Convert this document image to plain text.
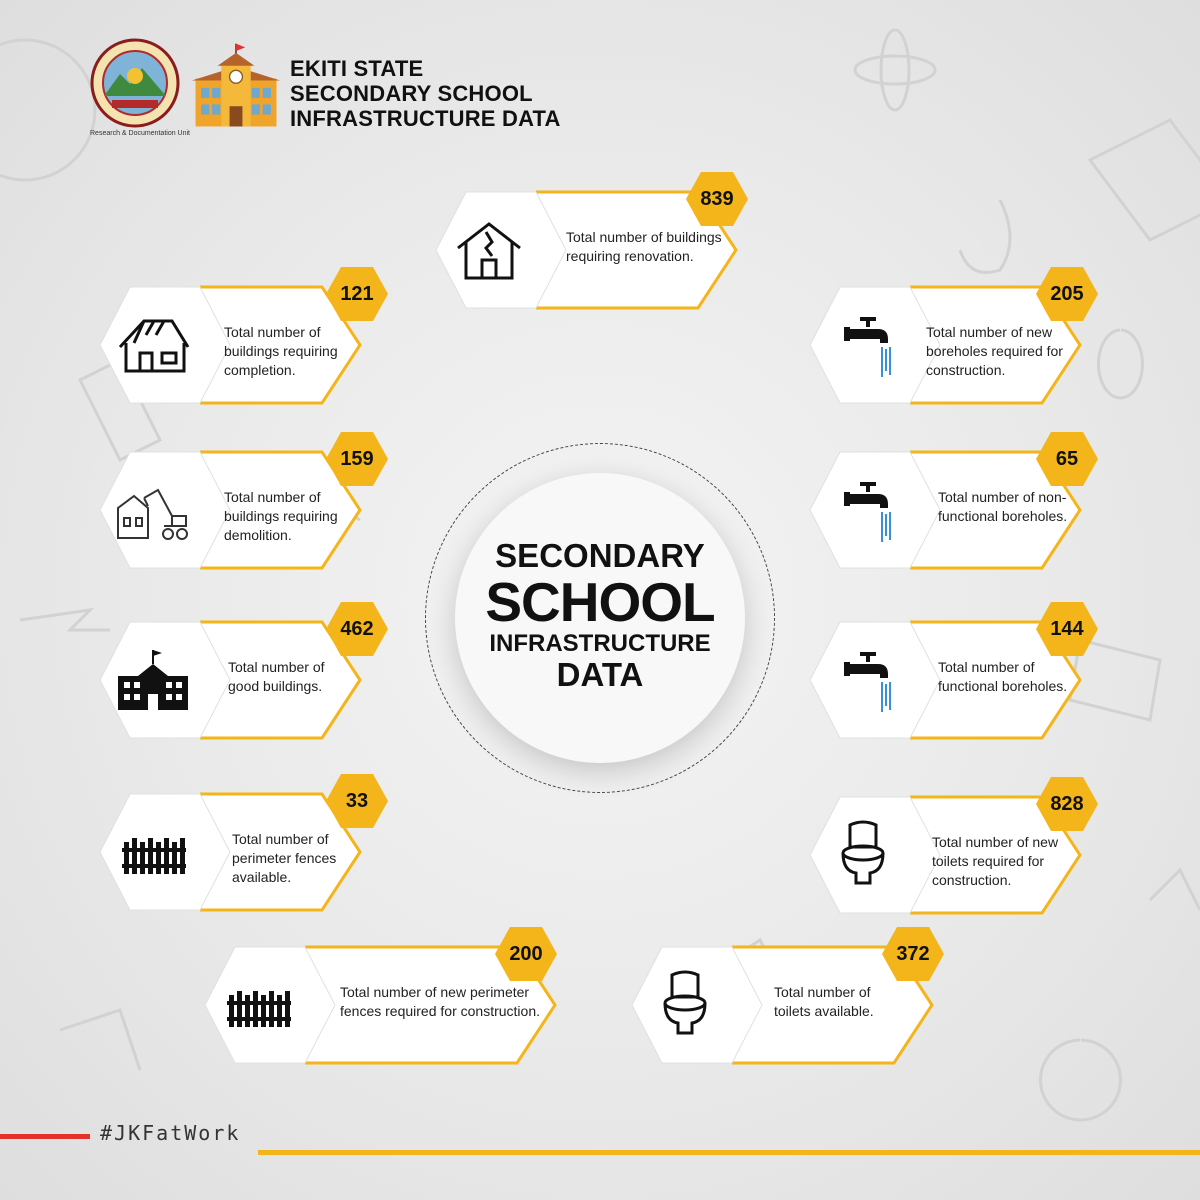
Research & Documentation Unit
EKITI STATE
SECONDARY SCHOOL
INFRASTRUCTURE DATA
SECONDARY
SCHOOL
INFRASTRUCTURE
DATA
Total number of buildings requiring renovation.
839
Total number of buildings requiring completion.
121
Total number of buildings requiring demolition.
159
Total number of good buildings.
462
Total number of perimeter fences available.
33
Total number of new perimeter fences required for construction.
200
Total number of new boreholes required for construction.
205
Total number of non-functional boreholes.
65
Total number of functional boreholes.
144
Total number of new toilets required for construction.
828
Total number of toilets available.
372
#JKFatWork
